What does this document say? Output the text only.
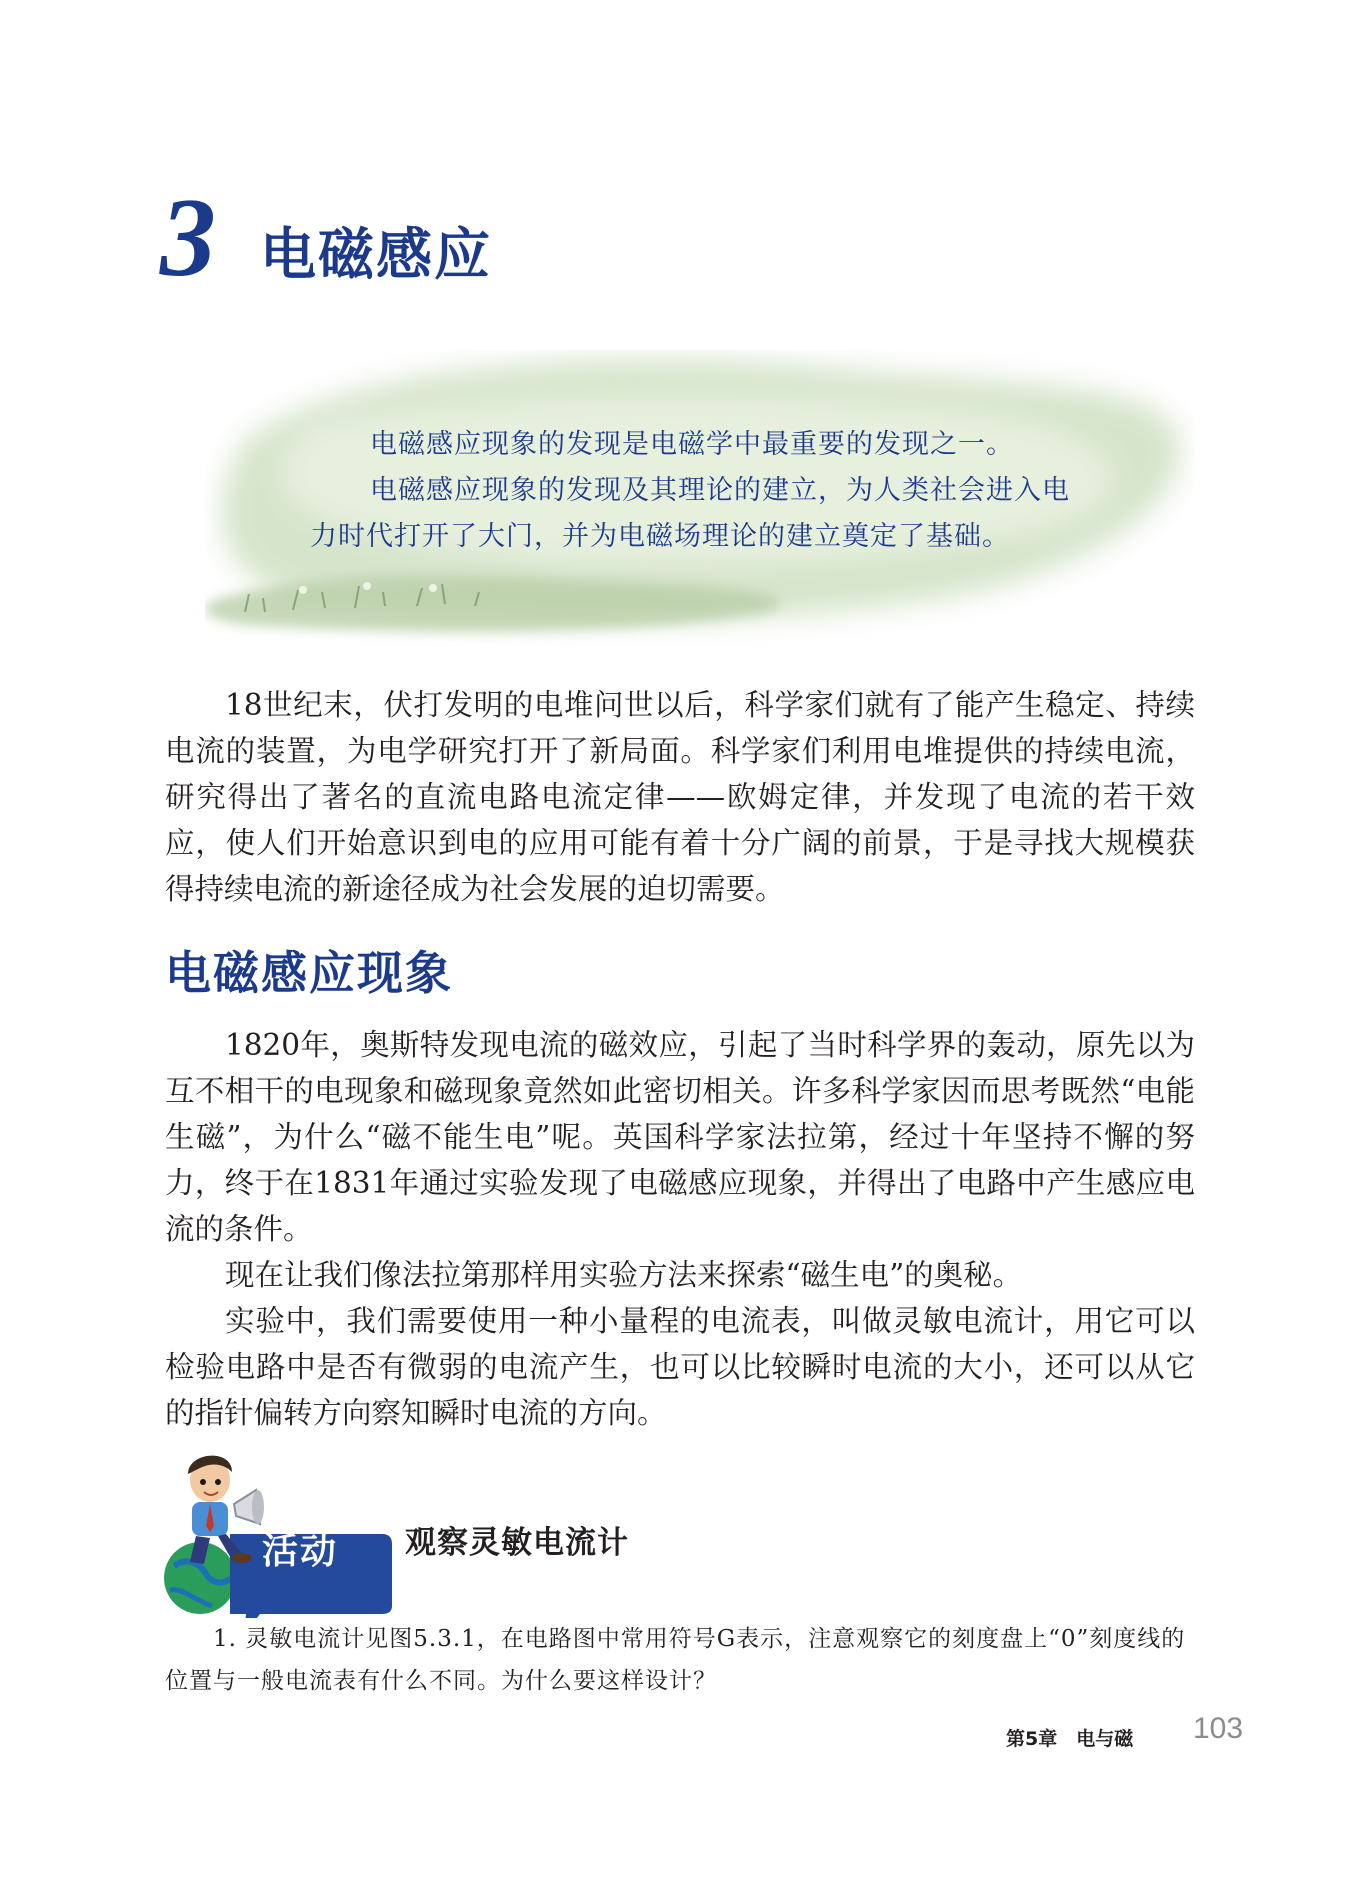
3 电磁感应

电磁感应现象的发现是电磁学中最重要的发现之一。

电磁感应现象的发现及其理论的建立，为人类社会进入电力时代打开了大门，并为电磁场理论的建立奠定了基础。

18世纪末，伏打发明的电堆问世以后，科学家们就有了能产生稳定、持续电流的装置，为电学研究打开了新局面。科学家们利用电堆提供的持续电流，研究得出了著名的直流电路电流定律——欧姆定律，并发现了电流的若干效应，使人们开始意识到电的应用可能有着十分广阔的前景，于是寻找大规模获得持续电流的新途径成为社会发展的迫切需要。

电磁感应现象

1820年，奥斯特发现电流的磁效应，引起了当时科学界的轰动，原先以为互不相干的电现象和磁现象竟然如此密切相关。许多科学家因而思考既然“电能生磁”，为什么“磁不能生电”呢。英国科学家法拉第，经过十年坚持不懈的努力，终于在1831年通过实验发现了电磁感应现象，并得出了电路中产生感应电流的条件。

现在让我们像法拉第那样用实验方法来探索“磁生电”的奥秘。

实验中，我们需要使用一种小量程的电流表，叫做灵敏电流计，用它可以检验电路中是否有微弱的电流产生，也可以比较瞬时电流的大小，还可以从它的指针偏转方向察知瞬时电流的方向。

活动 观察灵敏电流计

1. 灵敏电流计见图5.3.1，在电路图中常用符号G表示，注意观察它的刻度盘上“0”刻度线的位置与一般电流表有什么不同。为什么要这样设计？

第5章　电与磁 103
